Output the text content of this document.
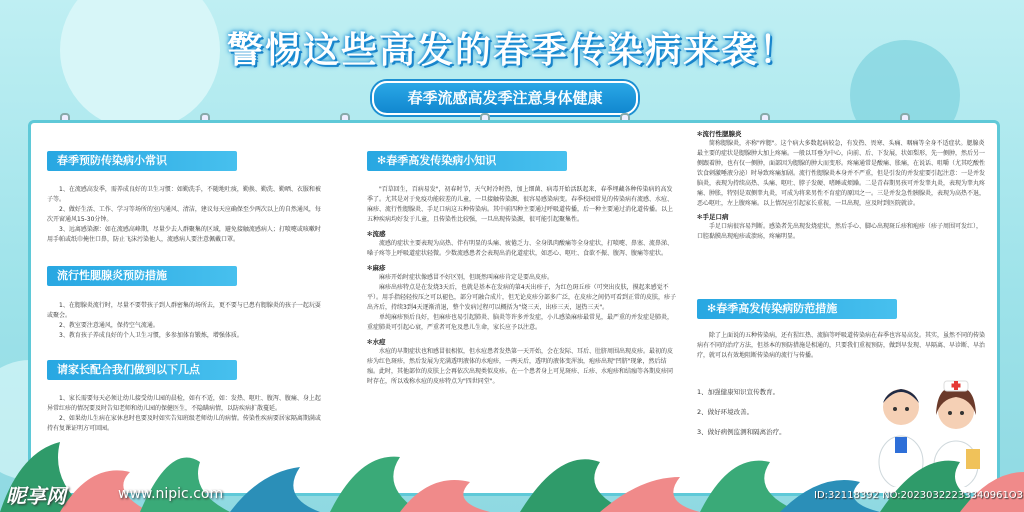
警惕这些高发的春季传染病来袭！
春季流感高发季注意身体健康
春季预防传染病小常识

1、在流感高发季，需养成良好的卫生习惯：如勤洗手，不随地吐痰，勤换、勤洗、勤晒、衣服和被子等。

2、做好生活、工作、学习等场所的室内通风、清洁，建议每天应确保至少两次以上的自然通风，每次开窗通风15-30分钟。

3、远离感染源：如在流感高峰期，尽量少去人群聚集的区域，避免接触流感病人；打喷嚏或咳嗽时用手帕或纸巾掩住口鼻，防止飞沫污染他人，流感病人要注意佩戴口罩。

流行性腮腺炎预防措施

1、在腮腺炎流行时，尽量不要带孩子到人群密集的场所去，更不要与已患有腮腺炎的孩子一起玩耍或聚会。

2、教室要注意通风，保持空气流通。

3、教育孩子养成良好的个人卫生习惯，多参加体育锻炼，增强体质。

请家长配合我们做到以下几点

1、家长需要每天必须让幼儿接受幼儿园的晨检，如有不适，如：发热、呕吐、腹泻、腹痛、身上起异常红疹的情况要及时告知老师和幼儿园的保健医生，不隐瞒病情，以防疾病扩散蔓延。

2、如果幼儿生病在家休息时也要及时如实告知班级老师幼儿的病情。传染性疾病要居家隔离期满或持有复课证明方可回园。

✻春季高发传染病小知识

"百草回生，百病易发"，初春时节，天气时冷时热，加上细菌、病毒开始活跃起来，春季埋藏各种传染病的高发季了。尤其是对于免疫功能较差的儿童，一旦接触传染源，很容易感染病变。春季校园常见的传染病有流感、水痘、麻疹、流行性腮腺炎、手足口病这五种传染病。其中前四种主要通过呼吸道传播，后一种主要通过消化道传播。以上五种疾病均好发于儿童，且传染性比较强，一旦出现传染源，很可能引起聚集性。

✻流感

流感的症状主要表现为高热、伴有明显的头痛、疲倦乏力、全身肌肉酸痛等全身症状，打喷嚏、鼻塞、流鼻涕、嗓子疼等上呼吸道症状轻微。少数流感患者会表现出消化道症状，如恶心、呕吐、食欲不振、腹泻、腹痛等症状。

✻麻疹

麻疹开始时症状像感冒不好区别，但既然叫麻疹肯定是要出皮疹。

麻疹出疹特点是在发烧3天后，也就是基本在发病的第4天出疹子，为红色斑丘疹（可突出皮肤，摸起来感觉不平）。用手指轻轻按压之可以褪色，部分可融合成片，但无论皮疹分部多广泛，在皮疹之间仍可看到正常的皮肤，疹子出齐后，持续3到4天逐渐消退，整个发病过程可以概括为"烧三天，出疹三天，退热三天"。

单纯麻疹预后良好，但麻疹也易引起肺炎、脑炎等许多并发症，小儿感染麻疹最常见，最严重的并发症是肺炎，重症肺炎可引起心衰，严重者可危及患儿生命，家长应予以注意。

✻水痘

水痘的早期症状也和感冒很相似，但水痘患者发热第一天开始，会在发际、耳后、肚脐周围出现皮疹。最初的皮疹为红色斑疹，然后发展为充满透明液体的水疱疹，一两天后，透明的液体变浑浊，疱疹出现"凹脐"现象，然后结痂。此时，其他部位的皮肤上会再依次出现类似皮疹。在一个患者身上可见斑疹、丘疹、水疱疹和结痂等各期皮疹同时存在，所以戏称水痘的皮疹特点为"四世同堂"。

✻流行性腮腺炎

简称腮腺炎，亦称"痄腮"。这个病大多数起病较急，有发热、畏寒、头痛、咽痛等全身不适症状。腮腺炎最主要的症状是腮腺肿大加上疼痛。一般以耳垂为中心，向前、后、下发展，状如梨形，先一侧肿，然后另一侧跟着肿，也有仅一侧肿，面部因为腮腺的肿大而变形。疼痛通常是酸痛、胀痛，在说话、咀嚼（尤其吃酸性饮食刺激唾液分泌）时导致疼痛加剧。流行性腮腺炎本身并不严重，但是引发的并发症要引起注意：一是并发脑炎，表现为持续高热、头痛、呕吐、脖子发硬、嗜睡或烦躁。二是青春期男孩可并发睾丸炎，表现为睾丸疼痛、肿胀，特别是双侧睾丸炎，可成为将来男性不育症的原因之一。三是并发急性胰腺炎，表现为高热不退，恶心呕吐，左上腹疼痛。以上情况应引起家长重视，一旦出现，应及时到医院就诊。

✻手足口病

手足口病很容易判断。感染者先出现发烧症状，然后手心、脚心出现斑丘疹和疱疹（疹子周围可发红），口腔黏膜出现疱疹或溃疡，疼痛明显。

✻春季高发传染病防范措施

除了上面说的五种传染病，还有猩红热、流脑等呼吸道传染病在春季也容易高发。其实，虽然不同的传染病有不同的治疗方法，但基本的预防措施是相通的，只要我们重视预防，做到早发现、早隔离、早诊断、早治疗，就可以有效地阻断传染病的流行与传播。

1、加强健康知识宣传教育。

2、做好环境改善。

3、做好病例监测和隔离治疗。

昵享网	www.nipic.com	ID:32118392 NO:20230322233340961O3
